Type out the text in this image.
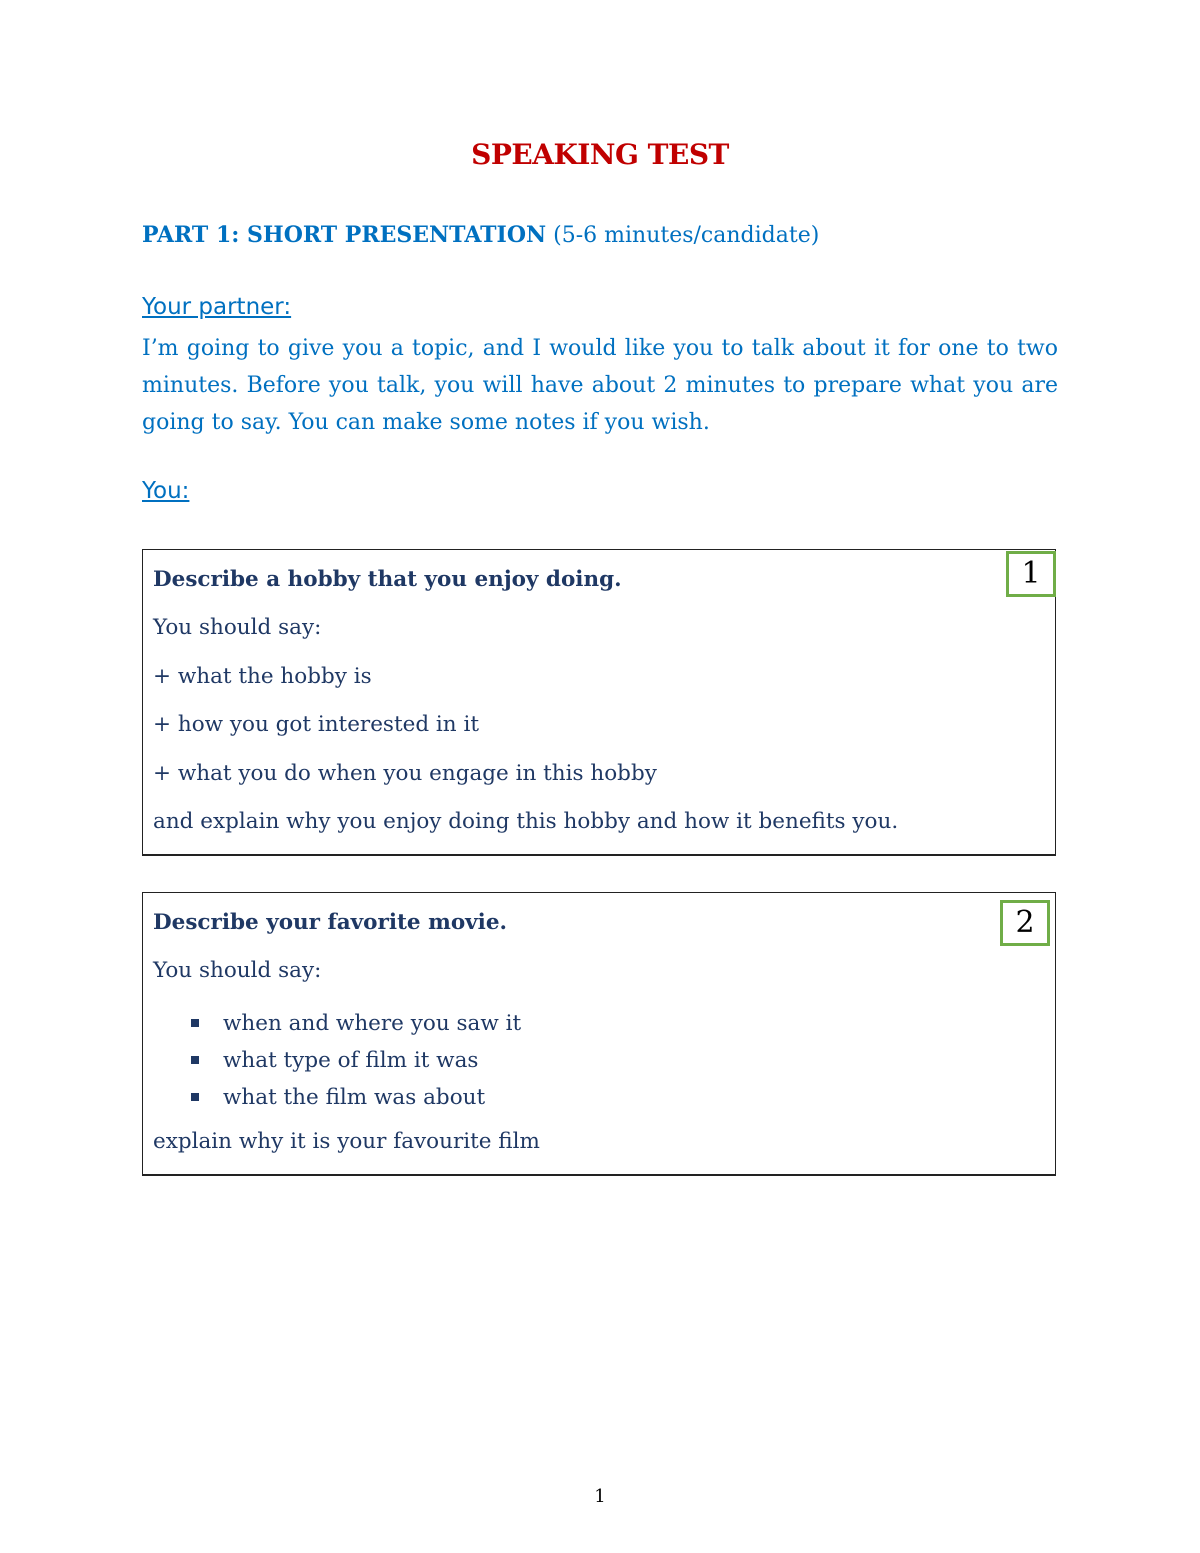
SPEAKING TEST
PART 1: SHORT PRESENTATION (5-6 minutes/candidate)
Your partner:
I’m going to give you a topic, and I would like you to talk about it for one to two minutes. Before you talk, you will have about 2 minutes to prepare what you are going to say. You can make some notes if you wish.
You:
Describe a hobby that you enjoy doing.
You should say:
+ what the hobby is
+ how you got interested in it
+ what you do when you engage in this hobby
and explain why you enjoy doing this hobby and how it benefits you.
1
Describe your favorite movie.
You should say:
when and where you saw it
what type of film it was
what the film was about
explain why it is your favourite film
2
1
